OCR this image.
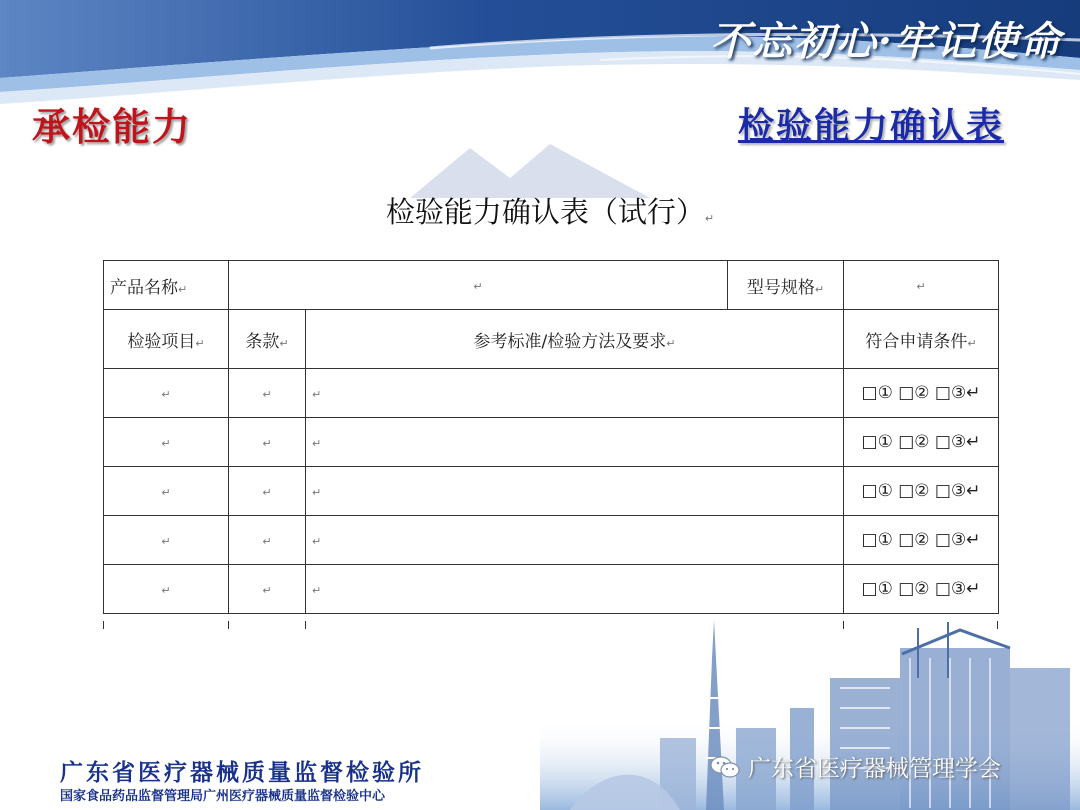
不忘初心·牢记使命
承检能力	检验能力确认表
检验能力确认表（试行）↵
产品名称↵	↵		型号规格↵	↵
检验项目↵	条款↵	参考标准/检验方法及要求↵		符合申请条件↵
↵	↵	↵		□① □② □③↵
↵	↵	↵		□① □② □③↵
↵	↵	↵		□① □② □③↵
↵	↵	↵		□① □② □③↵
↵	↵	↵		□① □② □③↵
广东省医疗器械质量监督检验所
国家食品药品监督管理局广州医疗器械质量监督检验中心
广东省医疗器械管理学会
